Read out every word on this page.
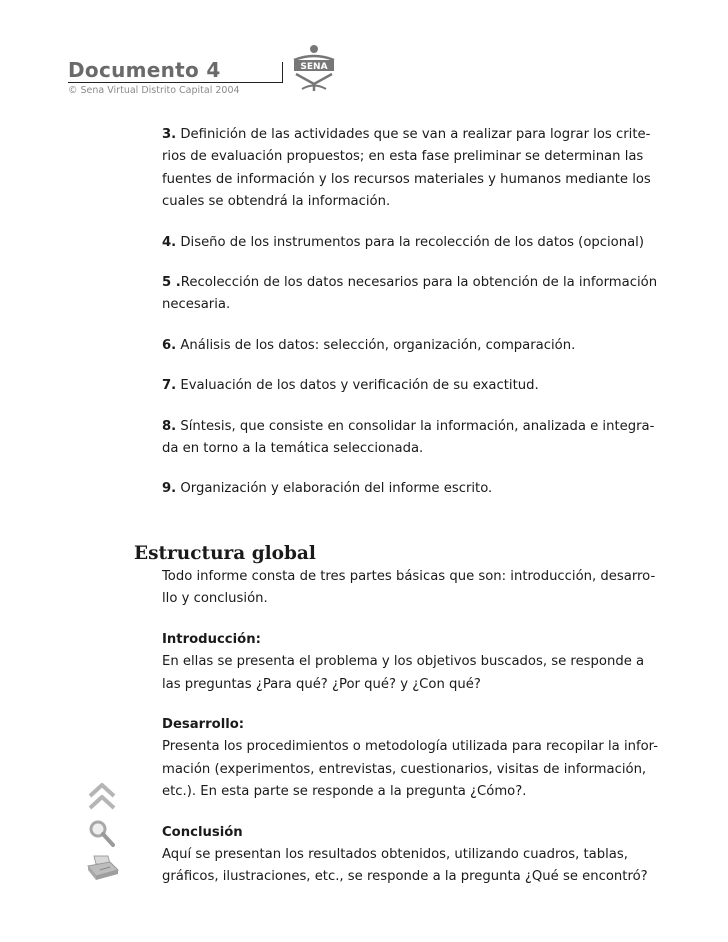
Documento 4
© Sena Virtual Distrito Capital 2004
SENA

3. Definición de las actividades que se van a realizar para lograr los crite-

rios de evaluación propuestos; en esta fase preliminar se determinan las

fuentes de información y los recursos materiales y humanos mediante los

cuales se obtendrá la información.

4. Diseño de los instrumentos para la recolección de los datos (opcional)

5 .Recolección de los datos necesarios para la obtención de la información

necesaria.

6. Análisis de los datos: selección, organización, comparación.

7. Evaluación de los datos y verificación de su exactitud.

8. Síntesis, que consiste en consolidar la información, analizada e integra-

da en torno a la temática seleccionada.

9. Organización y elaboración del informe escrito.

Estructura global

Todo informe consta de tres partes básicas que son: introducción, desarro-

llo y conclusión.

Introducción:

En ellas se presenta el problema y los objetivos buscados, se responde a

las preguntas ¿Para qué? ¿Por qué? y ¿Con qué?

Desarrollo:

Presenta los procedimientos o metodología utilizada para recopilar la infor-

mación (experimentos, entrevistas, cuestionarios, visitas de información,

etc.). En esta parte se responde a la pregunta ¿Cómo?.

Conclusión

Aquí se presentan los resultados obtenidos, utilizando cuadros, tablas,

gráficos, ilustraciones, etc., se responde a la pregunta ¿Qué se encontró?
